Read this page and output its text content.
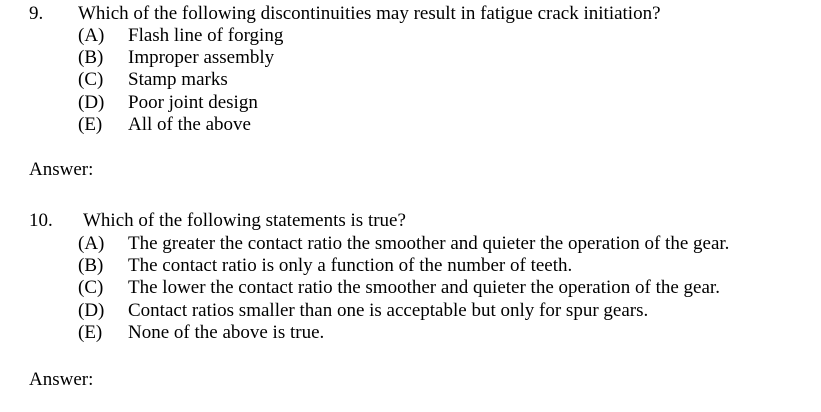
9. Which of the following discontinuities may result in fatigue crack initiation?
(A) Flash line of forging
(B) Improper assembly
(C) Stamp marks
(D) Poor joint design
(E) All of the above
Answer:
10. Which of the following statements is true?
(A) The greater the contact ratio the smoother and quieter the operation of the gear.
(B) The contact ratio is only a function of the number of teeth.
(C) The lower the contact ratio the smoother and quieter the operation of the gear.
(D) Contact ratios smaller than one is acceptable but only for spur gears.
(E) None of the above is true.
Answer:
